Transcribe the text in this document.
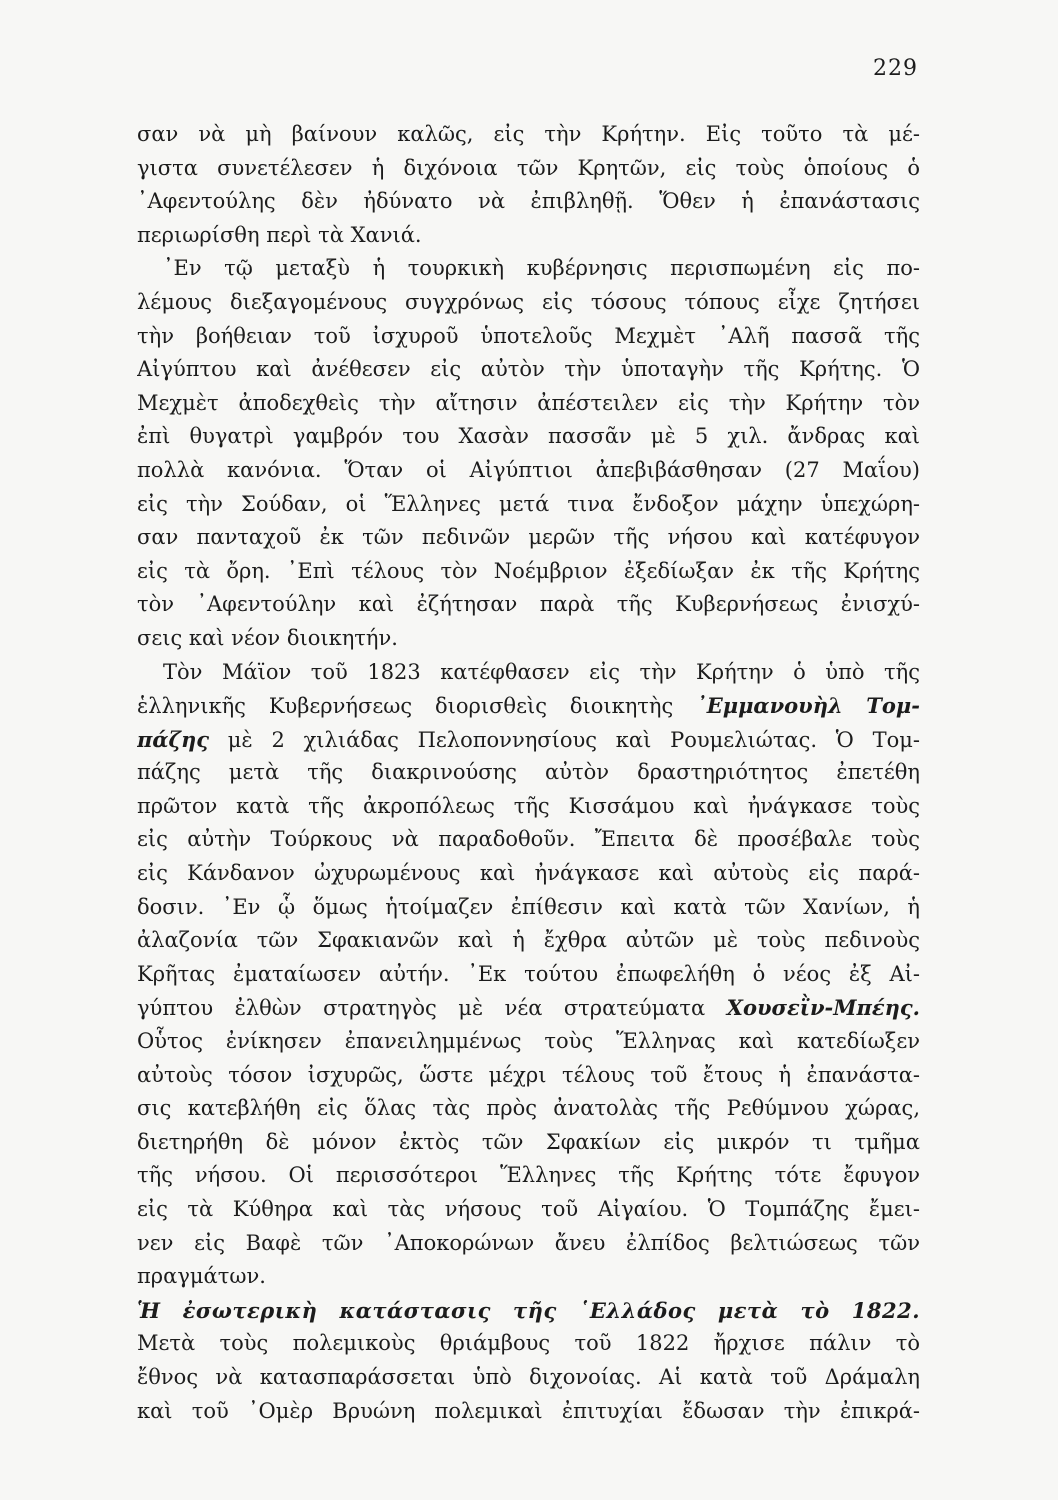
229
σαν νὰ μὴ βαίνουν καλῶς, εἰς τὴν Κρήτην. Εἰς τοῦτο τὰ μέ-
γιστα συνετέλεσεν ἡ διχόνοια τῶν Κρητῶν, εἰς τοὺς ὁποίους ὁ
᾿Αφεντούλης δὲν ἠδύνατο νὰ ἐπιβληθῇ. Ὅθεν ἡ ἐπανάστασις
περιωρίσθη περὶ τὰ Χανιά.
᾿Εν τῷ μεταξὺ ἡ τουρκικὴ κυβέρνησις περισπωμένη εἰς πο-
λέμους διεξαγομένους συγχρόνως εἰς τόσους τόπους εἶχε ζητήσει
τὴν βοήθειαν τοῦ ἰσχυροῦ ὑποτελοῦς Μεχμὲτ ᾿Αλῆ πασσᾶ τῆς
Αἰγύπτου καὶ ἀνέθεσεν εἰς αὐτὸν τὴν ὑποταγὴν τῆς Κρήτης. Ὁ
Μεχμὲτ ἀποδεχθεὶς τὴν αἴτησιν ἀπέστειλεν εἰς τὴν Κρήτην τὸν
ἐπὶ θυγατρὶ γαμβρόν του Χασὰν πασσᾶν μὲ 5 χιλ. ἄνδρας καὶ
πολλὰ κανόνια. Ὅταν οἱ Αἰγύπτιοι ἀπεβιβάσθησαν (27 Μαΐου)
εἰς τὴν Σούδαν, οἱ Ἕλληνες μετά τινα ἔνδοξον μάχην ὑπεχώρη-
σαν πανταχοῦ ἐκ τῶν πεδινῶν μερῶν τῆς νήσου καὶ κατέφυγον
εἰς τὰ ὄρη. ᾿Επὶ τέλους τὸν Νοέμβριον ἐξεδίωξαν ἐκ τῆς Κρήτης
τὸν ᾿Αφεντούλην καὶ ἐζήτησαν παρὰ τῆς Κυβερνήσεως ἐνισχύ-
σεις καὶ νέον διοικητήν.
Τὸν Μάϊον τοῦ 1823 κατέφθασεν εἰς τὴν Κρήτην ὁ ὑπὸ τῆς
ἑλληνικῆς Κυβερνήσεως διορισθεὶς διοικητὴς ᾿Εμμανουὴλ Τομ-
πάζης μὲ 2 χιλιάδας Πελοποννησίους καὶ Ρουμελιώτας. Ὁ Τομ-
πάζης μετὰ τῆς διακρινούσης αὐτὸν δραστηριότητος ἐπετέθη
πρῶτον κατὰ τῆς ἀκροπόλεως τῆς Κισσάμου καὶ ἠνάγκασε τοὺς
εἰς αὐτὴν Τούρκους νὰ παραδοθοῦν. Ἔπειτα δὲ προσέβαλε τοὺς
εἰς Κάνδανον ὠχυρωμένους καὶ ἠνάγκασε καὶ αὐτοὺς εἰς παρά-
δοσιν. ᾿Εν ᾧ ὅμως ἡτοίμαζεν ἐπίθεσιν καὶ κατὰ τῶν Χανίων, ἡ
ἀλαζονία τῶν Σφακιανῶν καὶ ἡ ἔχθρα αὐτῶν μὲ τοὺς πεδινοὺς
Κρῆτας ἐματαίωσεν αὐτήν. ᾿Εκ τούτου ἐπωφελήθη ὁ νέος ἐξ Αἰ-
γύπτου ἐλθὼν στρατηγὸς μὲ νέα στρατεύματα Χουσεῒν-Μπέης.
Οὗτος ἐνίκησεν ἐπανειλημμένως τοὺς Ἕλληνας καὶ κατεδίωξεν
αὐτοὺς τόσον ἰσχυρῶς, ὥστε μέχρι τέλους τοῦ ἔτους ἡ ἐπανάστα-
σις κατεβλήθη εἰς ὅλας τὰς πρὸς ἀνατολὰς τῆς Ρεθύμνου χώρας,
διετηρήθη δὲ μόνον ἐκτὸς τῶν Σφακίων εἰς μικρόν τι τμῆμα
τῆς νήσου. Οἱ περισσότεροι Ἕλληνες τῆς Κρήτης τότε ἔφυγον
εἰς τὰ Κύθηρα καὶ τὰς νήσους τοῦ Αἰγαίου. Ὁ Τομπάζης ἔμει-
νεν εἰς Βαφὲ τῶν ᾿Αποκορώνων ἄνευ ἐλπίδος βελτιώσεως τῶν
πραγμάτων.
Ἡ ἐσωτερικὴ κατάστασις τῆς ῾Ελλάδος μετὰ τὸ 1822.
Μετὰ τοὺς πολεμικοὺς θριάμβους τοῦ 1822 ἤρχισε πάλιν τὸ
ἔθνος νὰ κατασπαράσσεται ὑπὸ διχονοίας. Αἱ κατὰ τοῦ Δράμαλη
καὶ τοῦ ᾿Ομὲρ Βρυώνη πολεμικαὶ ἐπιτυχίαι ἔδωσαν τὴν ἐπικρά-
